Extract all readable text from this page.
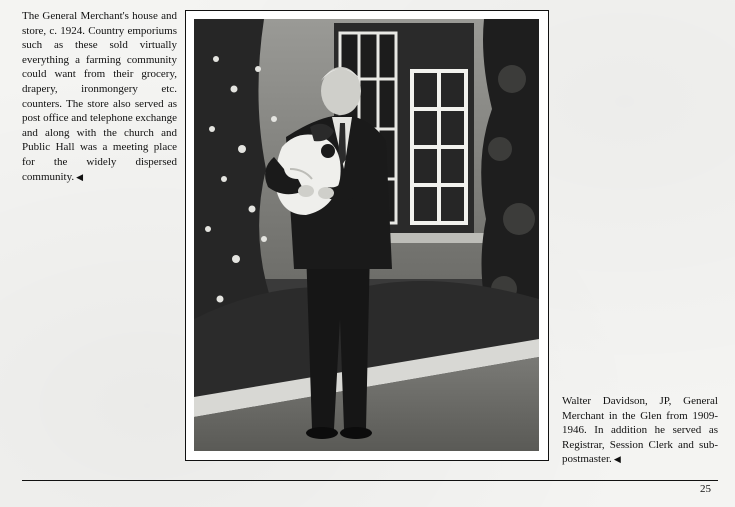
The General Merchant's house and store, c. 1924. Country emporiums such as these sold virtually everything a farming community could want from their grocery, drapery, ironmongery etc. counters. The store also served as post office and telephone exchange and along with the church and Public Hall was a meeting place for the widely dispersed community. ◀
Walter Davidson, JP, General Merchant in the Glen from 1909-1946. In addition he served as Registrar, Session Clerk and sub-postmaster. ◀
25
